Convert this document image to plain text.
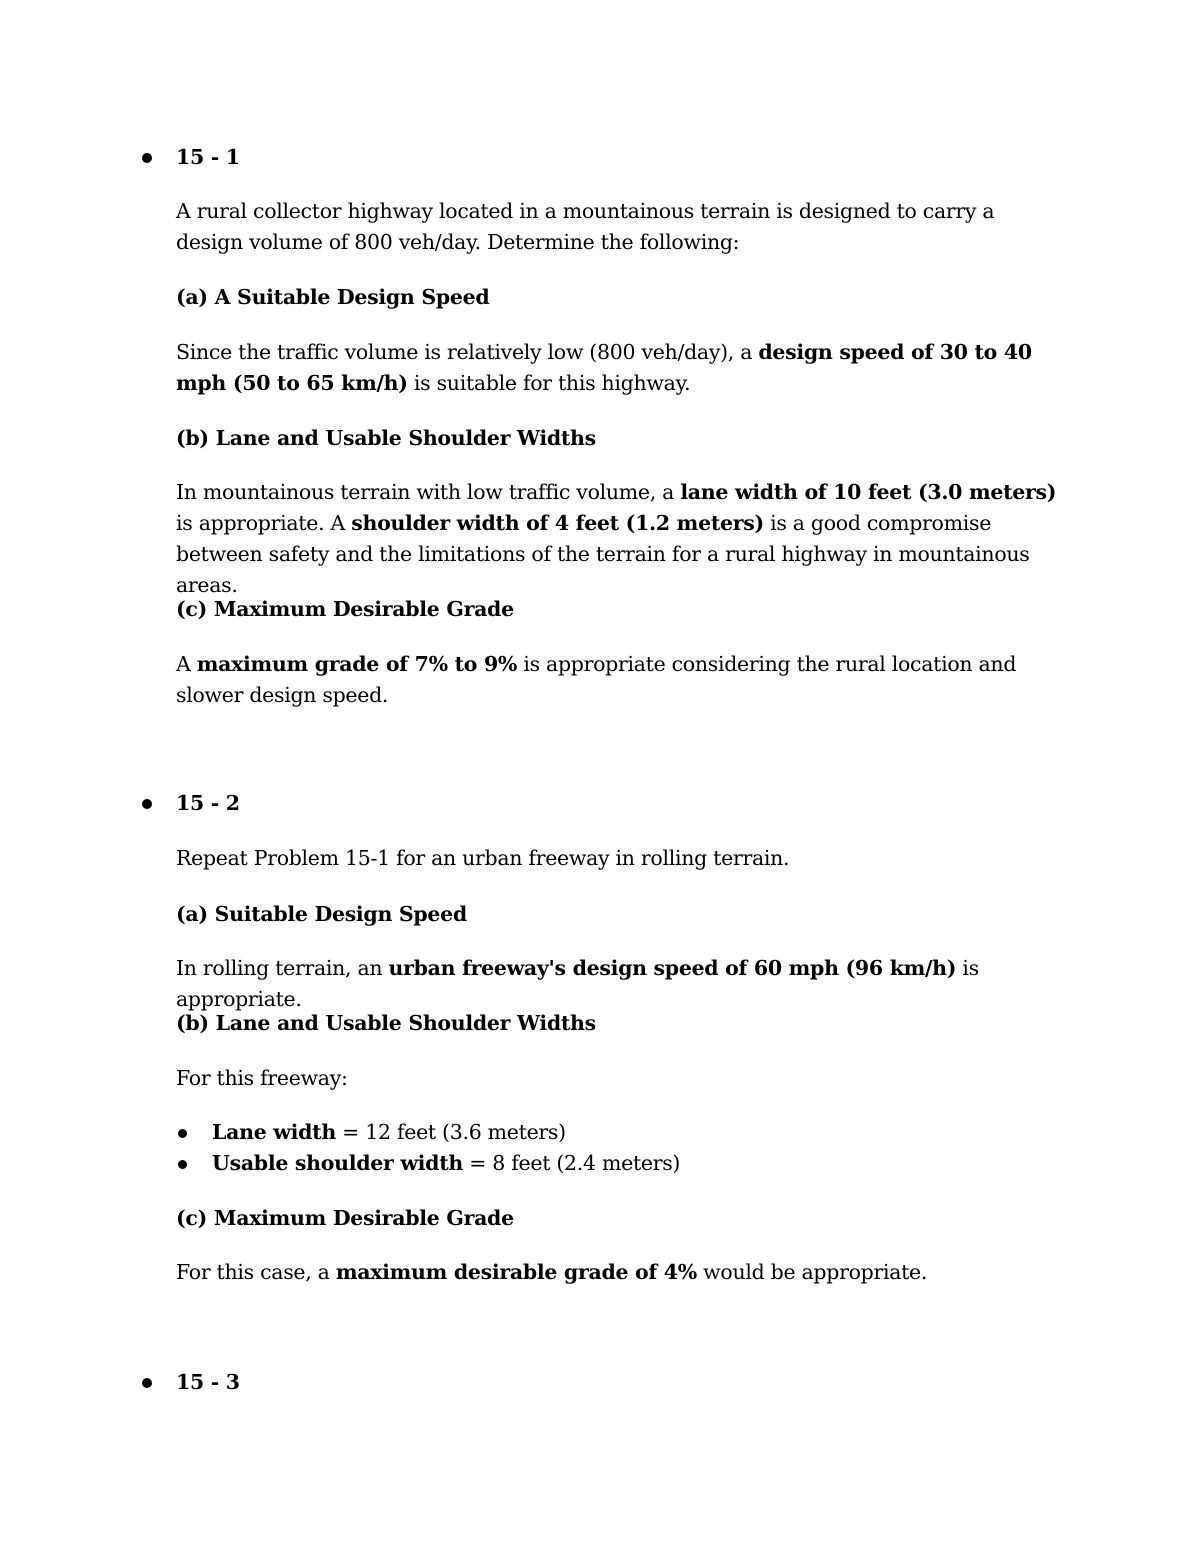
15 - 1

A rural collector highway located in a mountainous terrain is designed to carry a design volume of 800 veh/day. Determine the following:

(a) A Suitable Design Speed

Since the traffic volume is relatively low (800 veh/day), a design speed of 30 to 40 mph (50 to 65 km/h) is suitable for this highway.

(b) Lane and Usable Shoulder Widths

In mountainous terrain with low traffic volume, a lane width of 10 feet (3.0 meters) is appropriate. A shoulder width of 4 feet (1.2 meters) is a good compromise between safety and the limitations of the terrain for a rural highway in mountainous areas.

(c) Maximum Desirable Grade

A maximum grade of 7% to 9% is appropriate considering the rural location and slower design speed.

15 - 2

Repeat Problem 15-1 for an urban freeway in rolling terrain.

(a) Suitable Design Speed

In rolling terrain, an urban freeway's design speed of 60 mph (96 km/h) is appropriate.

(b) Lane and Usable Shoulder Widths

For this freeway:

Lane width = 12 feet (3.6 meters)
Usable shoulder width = 8 feet (2.4 meters)

(c) Maximum Desirable Grade

For this case, a maximum desirable grade of 4% would be appropriate.

15 - 3
